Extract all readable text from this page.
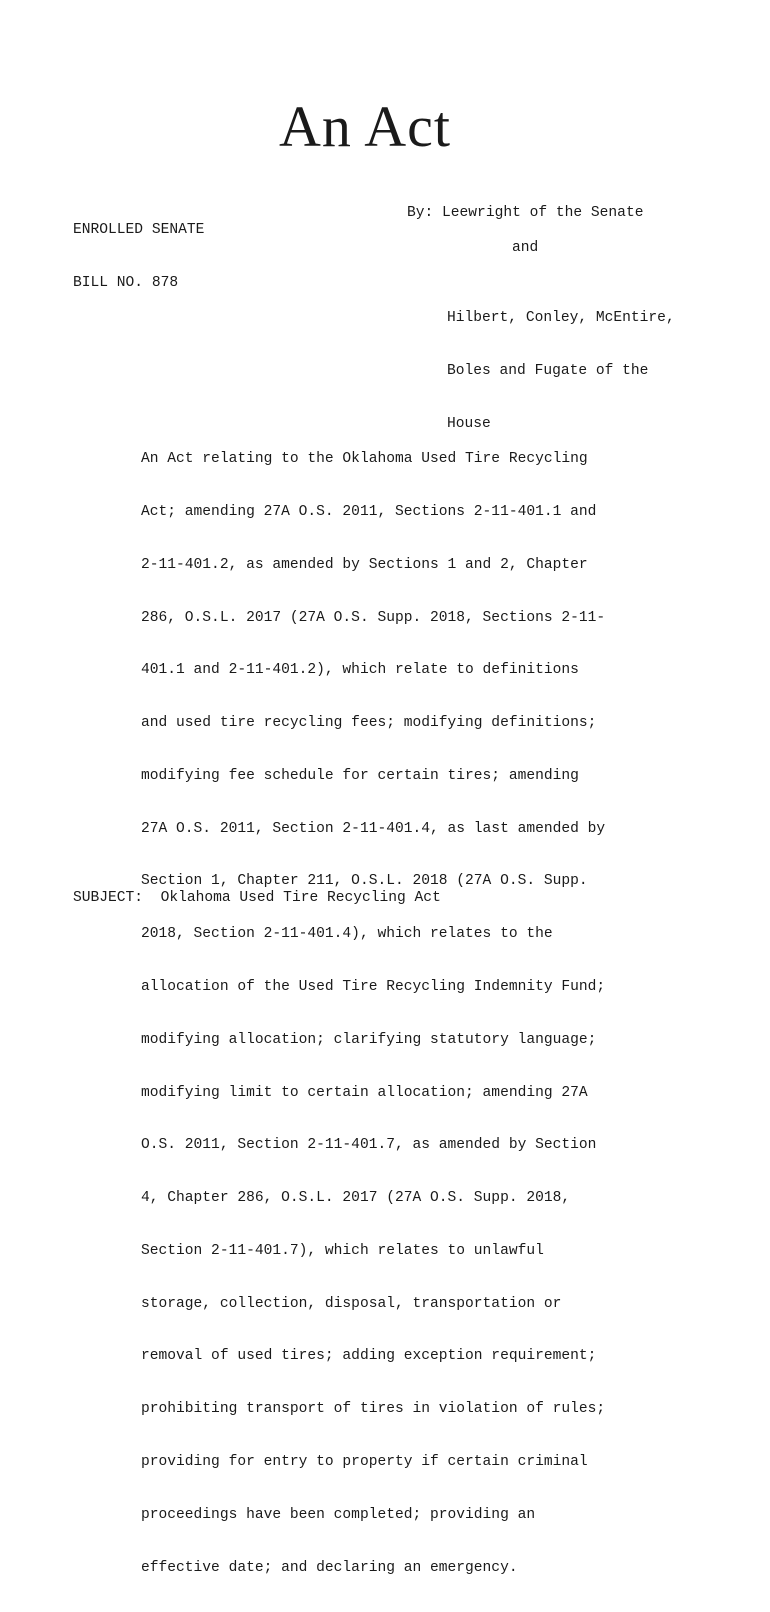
An Act

ENROLLED SENATE

BILL NO. 878

By: Leewright of the Senate
and

Hilbert, Conley, McEntire,

Boles and Fugate of the

House

An Act relating to the Oklahoma Used Tire Recycling

Act; amending 27A O.S. 2011, Sections 2-11-401.1 and

2-11-401.2, as amended by Sections 1 and 2, Chapter

286, O.S.L. 2017 (27A O.S. Supp. 2018, Sections 2-11-

401.1 and 2-11-401.2), which relate to definitions

and used tire recycling fees; modifying definitions;

modifying fee schedule for certain tires; amending

27A O.S. 2011, Section 2-11-401.4, as last amended by

Section 1, Chapter 211, O.S.L. 2018 (27A O.S. Supp.

2018, Section 2-11-401.4), which relates to the

allocation of the Used Tire Recycling Indemnity Fund;

modifying allocation; clarifying statutory language;

modifying limit to certain allocation; amending 27A

O.S. 2011, Section 2-11-401.7, as amended by Section

4, Chapter 286, O.S.L. 2017 (27A O.S. Supp. 2018,

Section 2-11-401.7), which relates to unlawful

storage, collection, disposal, transportation or

removal of used tires; adding exception requirement;

prohibiting transport of tires in violation of rules;

providing for entry to property if certain criminal

proceedings have been completed; providing an

effective date; and declaring an emergency.

SUBJECT:  Oklahoma Used Tire Recycling Act
